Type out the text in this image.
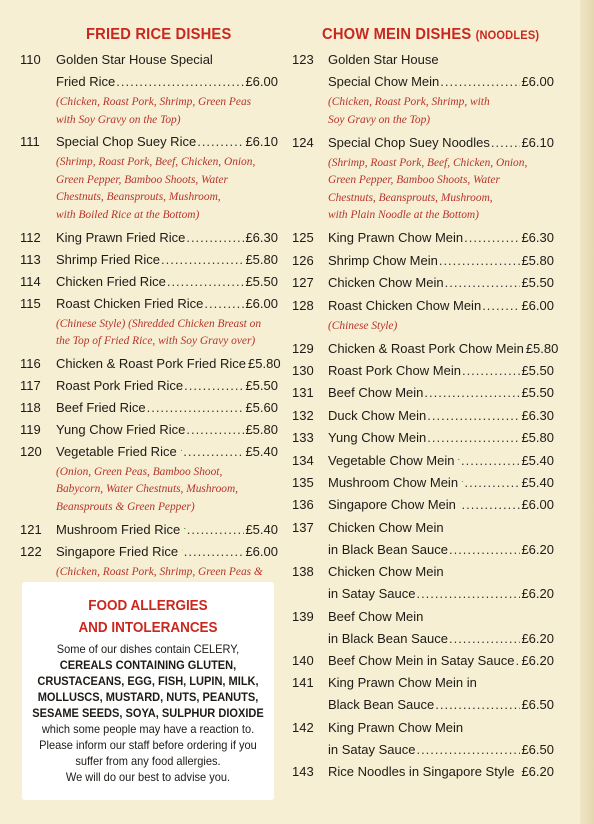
FRIED RICE DISHES
110 Golden Star House Special
Fried Rice .....	£6.00
(Chicken, Roast Pork, Shrimp, Green Peas
with Soy Gravy on the Top)
111 Special Chop Suey Rice .....	£6.10
(Shrimp, Roast Pork, Beef, Chicken, Onion,
Green Pepper, Bamboo Shoots, Water
Chestnuts, Beansprouts, Mushroom,
with Boiled Rice at the Bottom)
112 King Prawn Fried Rice .....	£6.30
113 Shrimp Fried Rice .....	£5.80
114 Chicken Fried Rice .....	£5.50
115 Roast Chicken Fried Rice .....	£6.00
(Chinese Style) (Shredded Chicken Breast on
the Top of Fried Rice, with Soy Gravy over)
116 Chicken & Roast Pork Fried Rice £5.80
117 Roast Pork Fried Rice .....	£5.50
118 Beef Fried Rice .....	£5.60
119 Yung Chow Fried Rice .....	£5.80
120 Vegetable Fried Rice .....	£5.40
(Onion, Green Peas, Bamboo Shoot,
Babycorn, Water Chestnuts, Mushroom,
Beansprouts & Green Pepper)
121 Mushroom Fried Rice .....	£5.40
122 Singapore Fried Rice .....	£6.00
(Chicken, Roast Pork, Shrimp, Green Peas &
CHOW MEIN DISHES (NOODLES)
123 Golden Star House
Special Chow Mein .....	£6.00
(Chicken, Roast Pork, Shrimp, with
Soy Gravy on the Top)
124 Special Chop Suey Noodles ..... £6.10
(Shrimp, Roast Pork, Beef, Chicken, Onion,
Green Pepper, Bamboo Shoots, Water
Chestnuts, Beansprouts, Mushroom,
with Plain Noodle at the Bottom)
125 King Prawn Chow Mein .....	£6.30
126 Shrimp Chow Mein .....	£5.80
127 Chicken Chow Mein .....	£5.50
128 Roast Chicken Chow Mein .....	£6.00
(Chinese Style)
129 Chicken & Roast Pork Chow Mein £5.80
130 Roast Pork Chow Mein .....	£5.50
131 Beef Chow Mein .....	£5.50
132 Duck Chow Mein .....	£6.30
133 Yung Chow Mein .....	£5.80
134 Vegetable Chow Mein .....	£5.40
135 Mushroom Chow Mein .....	£5.40
136 Singapore Chow Mein .....	£6.00
137 Chicken Chow Mein
in Black Bean Sauce .....	£6.20
138 Chicken Chow Mein
in Satay Sauce .....	£6.20
139 Beef Chow Mein
in Black Bean Sauce .....	£6.20
140 Beef Chow Mein in Satay Sauce ..... £6.20
141 King Prawn Chow Mein in
Black Bean Sauce .....	£6.50
142 King Prawn Chow Mein
in Satay Sauce .....	£6.50
143 Rice Noodles in Singapore Style ..... £6.20
FOOD ALLERGIES
AND INTOLERANCES
Some of our dishes contain CELERY,
CEREALS CONTAINING GLUTEN,
CRUSTACEANS, EGG, FISH, LUPIN, MILK,
MOLLUSCS, MUSTARD, NUTS, PEANUTS,
SESAME SEEDS, SOYA, SULPHUR DIOXIDE
which some people may have a reaction to.
Please inform our staff before ordering if you
suffer from any food allergies.
We will do our best to advise you.
